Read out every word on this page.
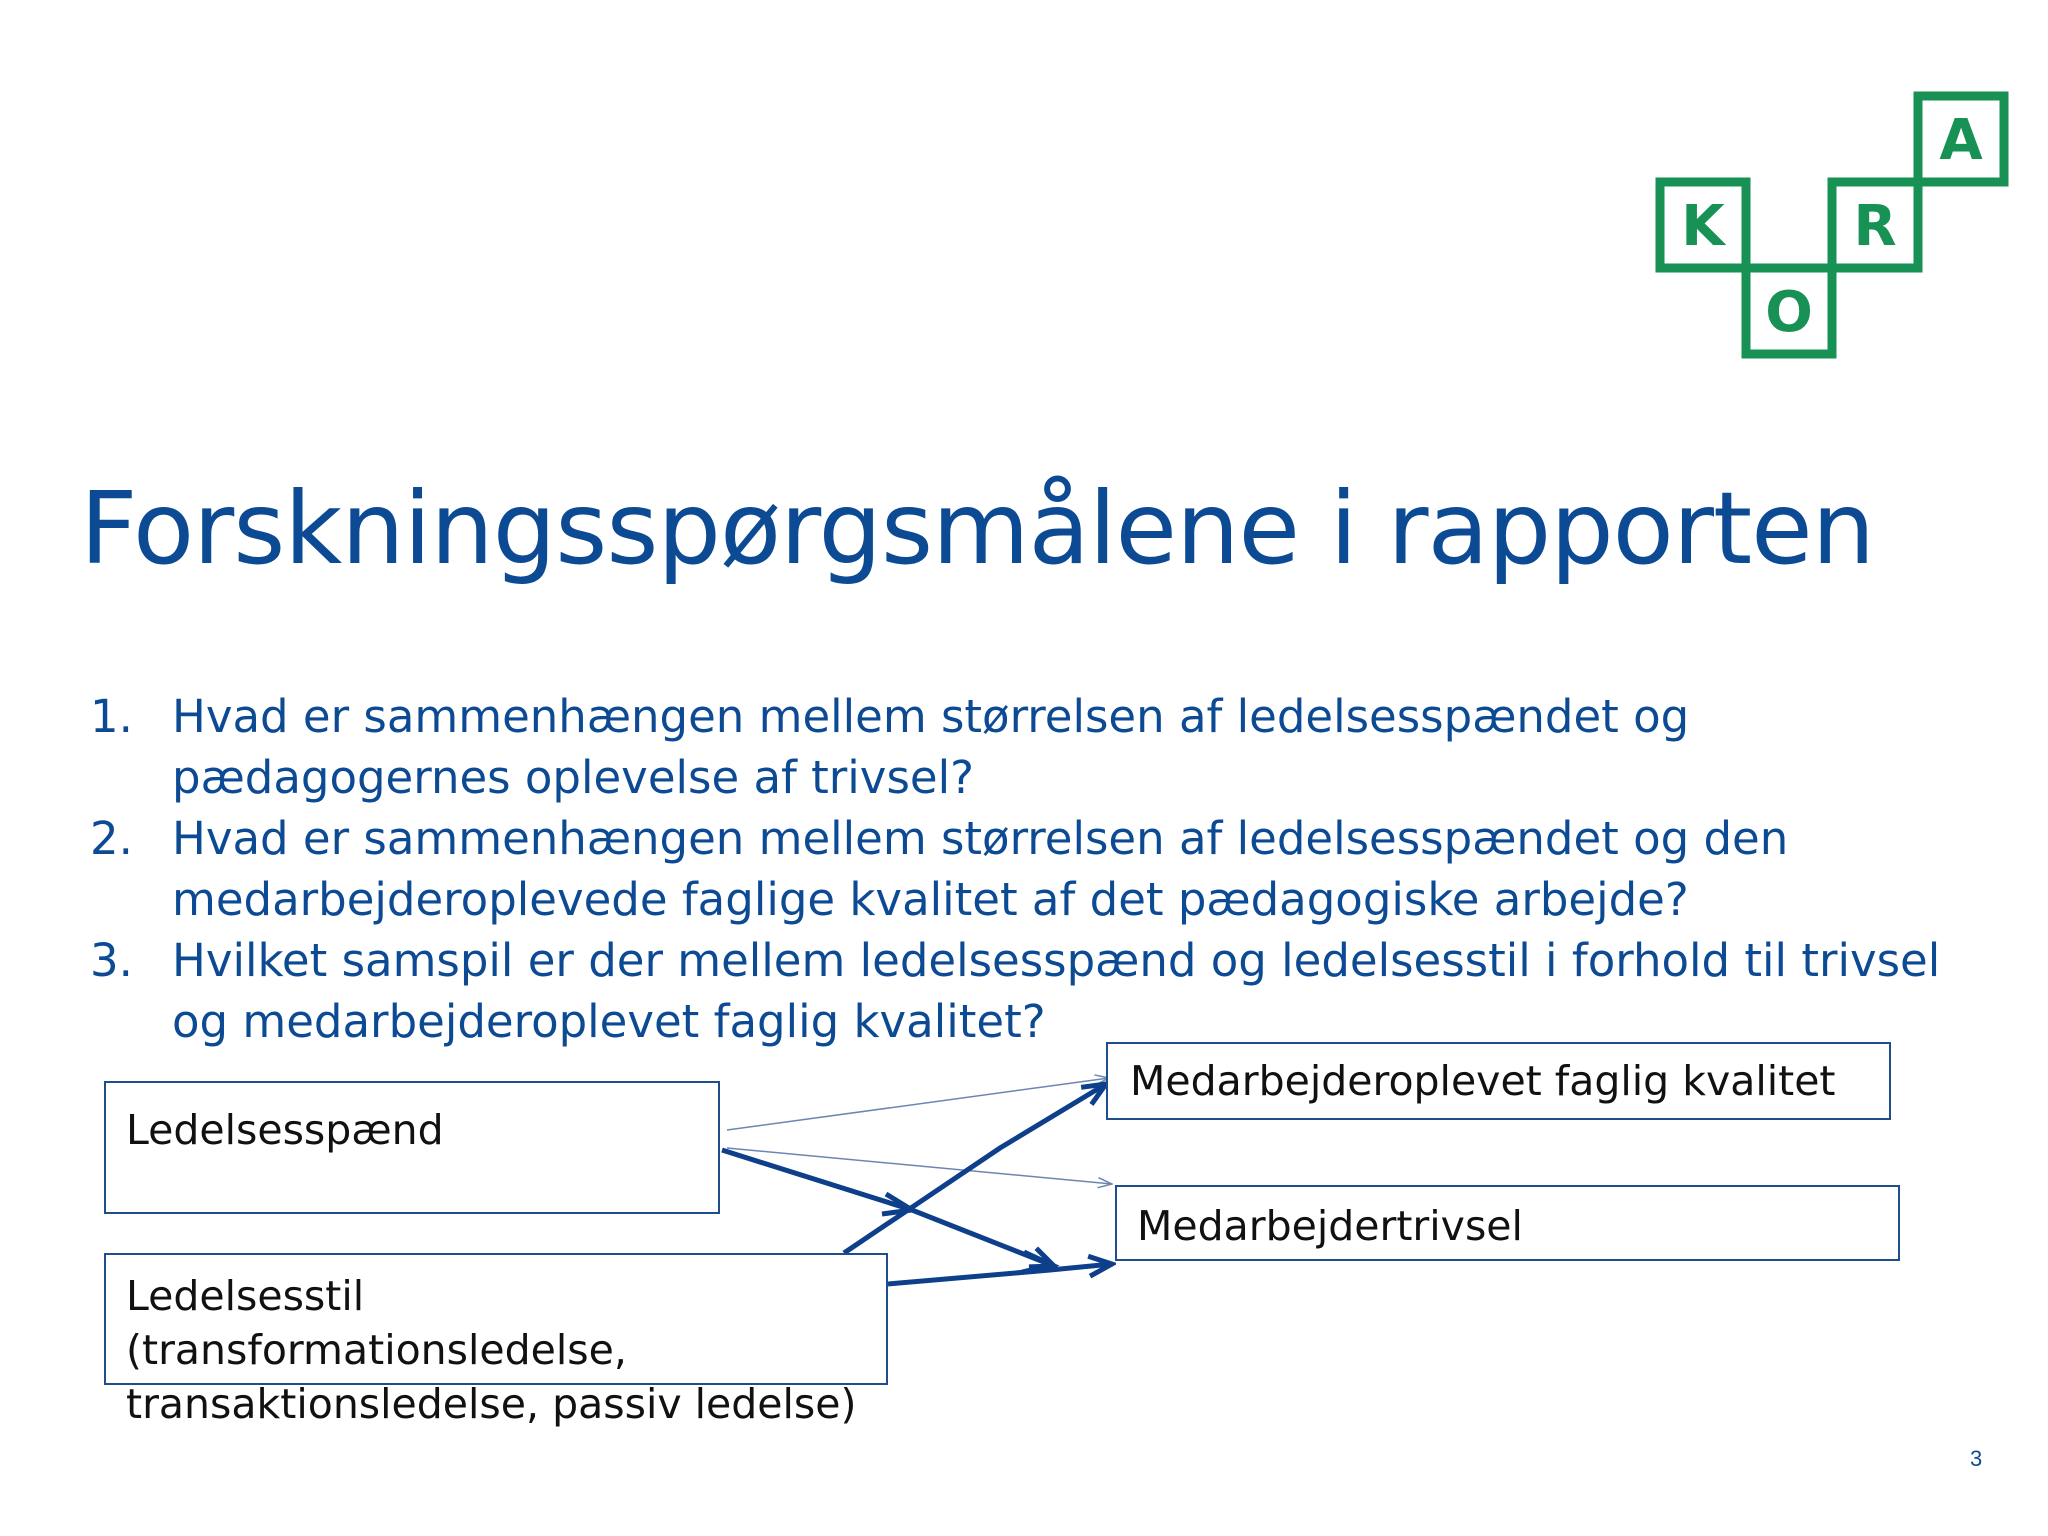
K
O
R
A
Forskningsspørgsmålene i rapporten
1. Hvad er sammenhængen mellem størrelsen af ledelsesspændet og
pædagogernes oplevelse af trivsel?
2. Hvad er sammenhængen mellem størrelsen af ledelsesspændet og den
medarbejderoplevede faglige kvalitet af det pædagogiske arbejde?
3. Hvilket samspil er der mellem ledelsesspænd og ledelsesstil i forhold til trivsel
og medarbejderoplevet faglig kvalitet?
Ledelsesspænd
Ledelsesstil (transformationsledelse,
transaktionsledelse, passiv ledelse)
Medarbejderoplevet faglig kvalitet
Medarbejdertrivsel
3
